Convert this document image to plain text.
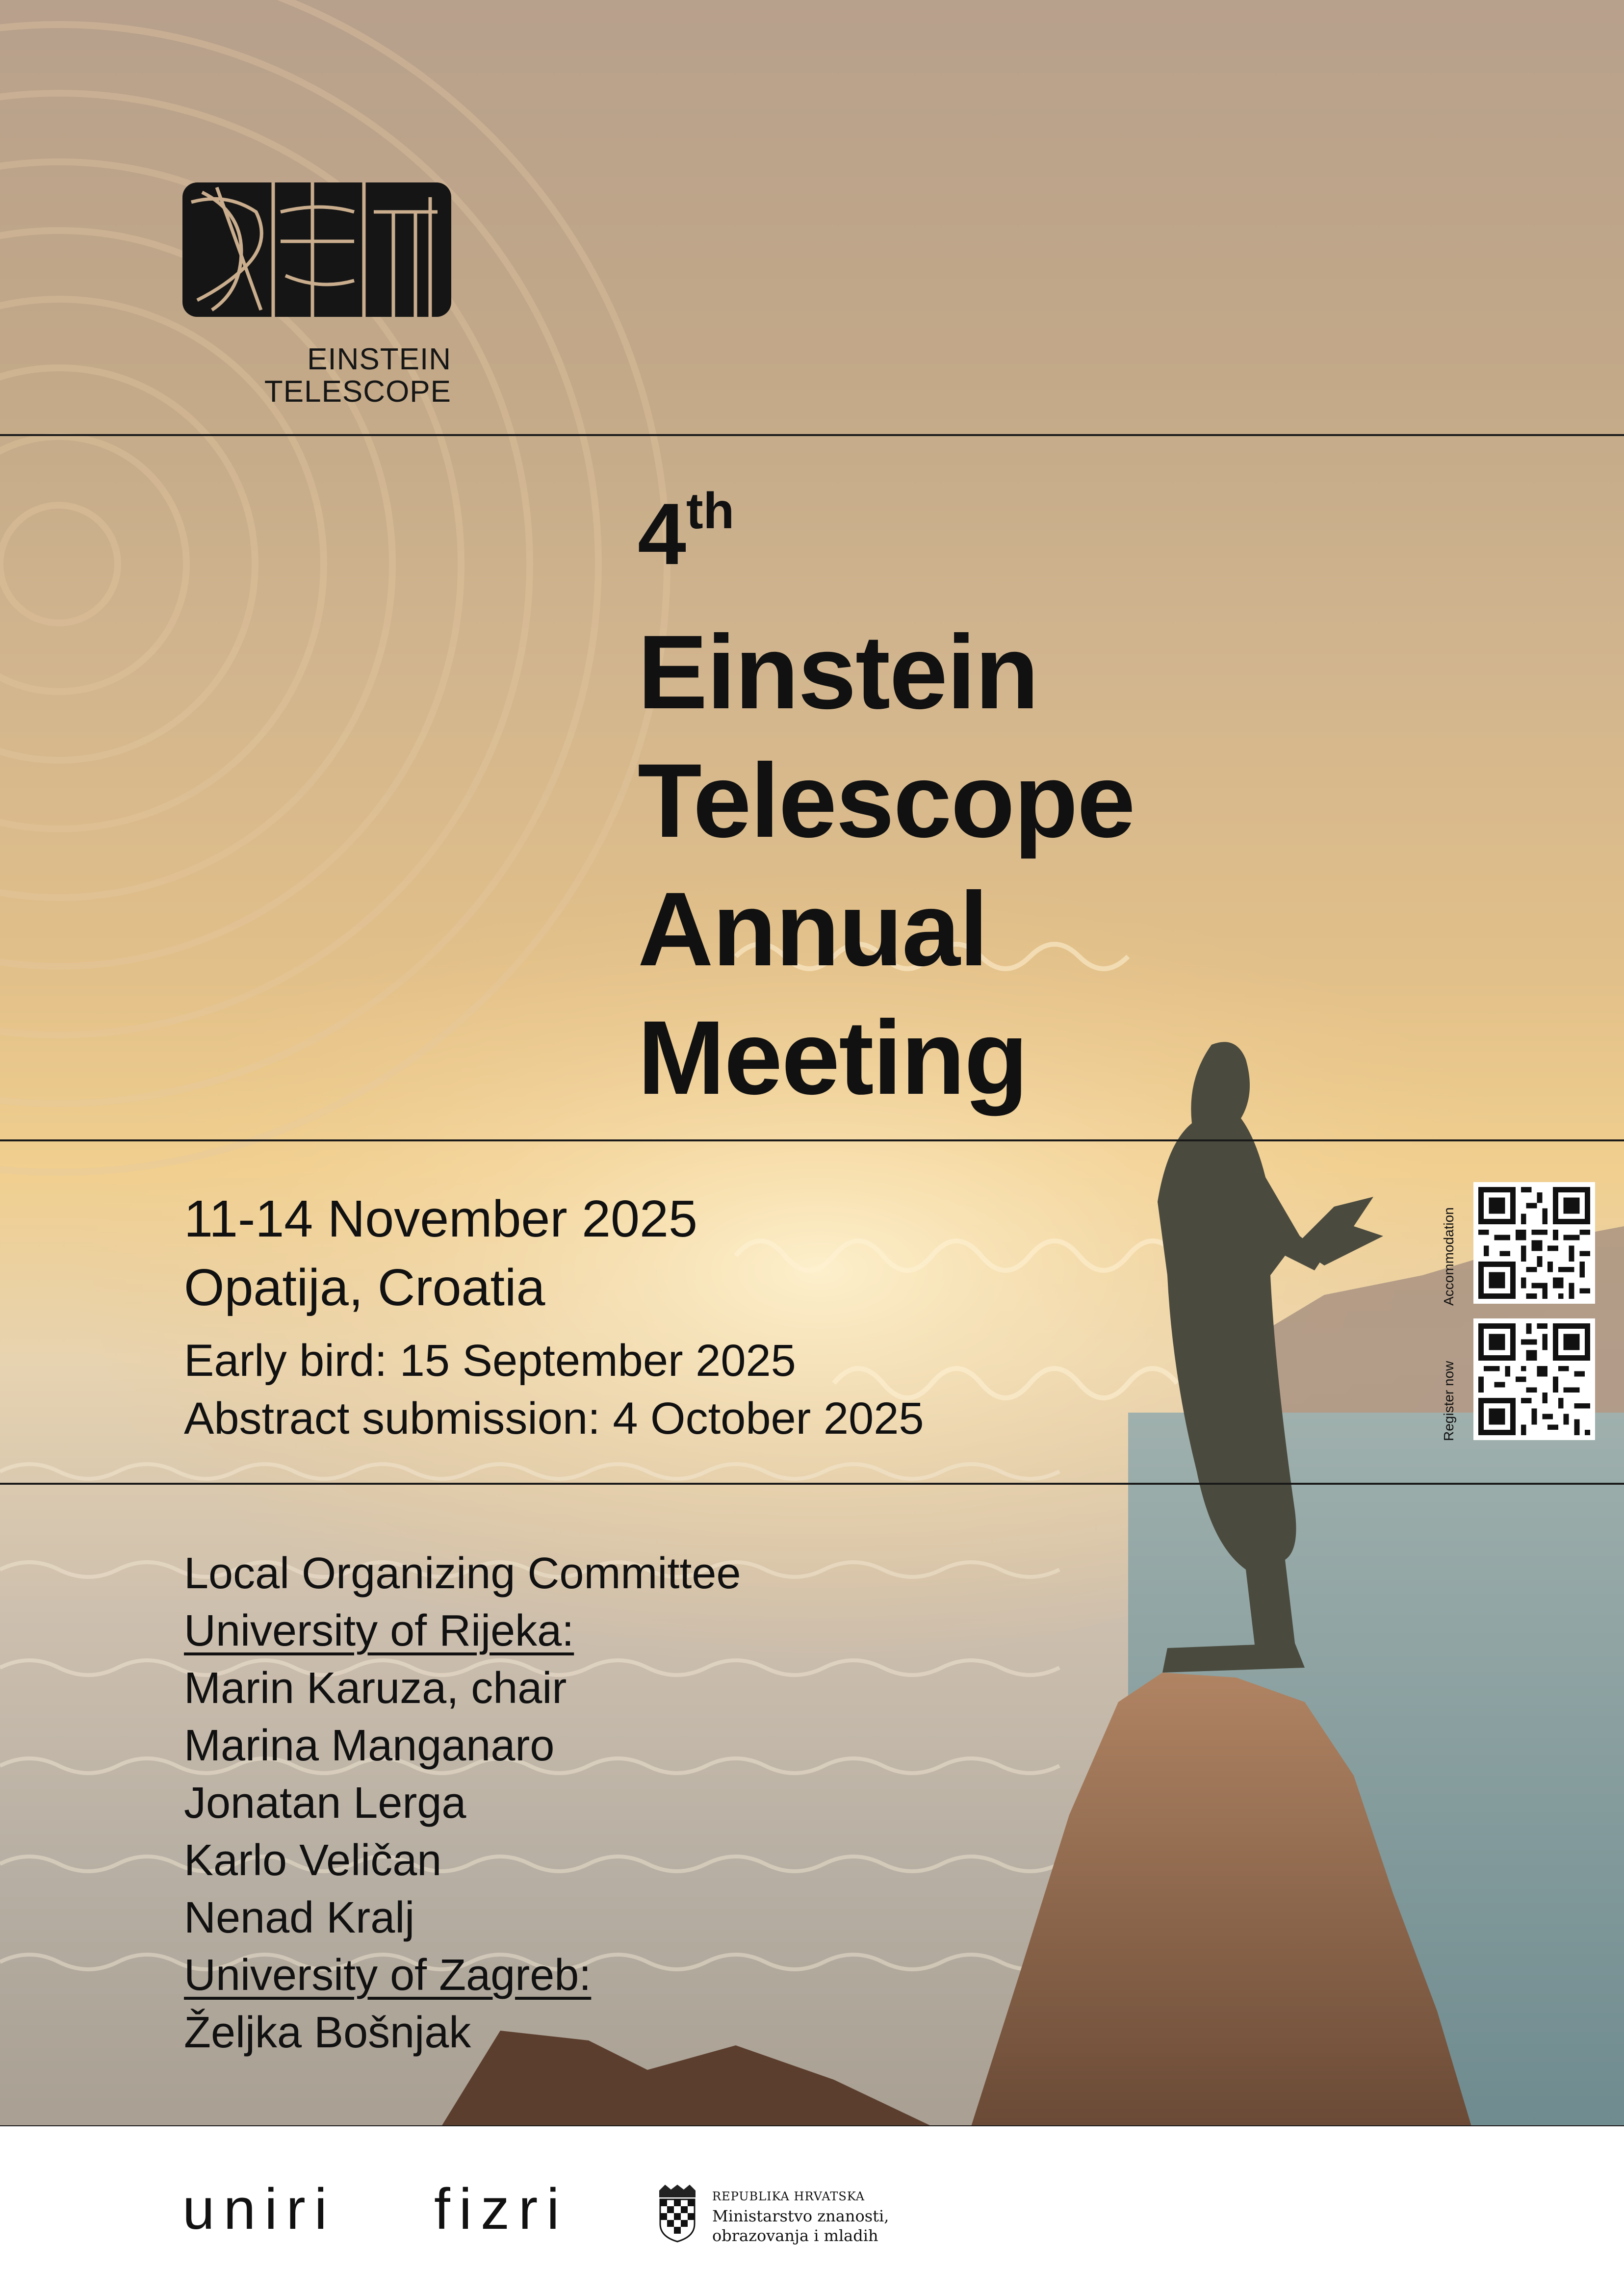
EINSTEIN
TELESCOPE
4th
Einstein
Telescope
Annual
Meeting
11-14 November 2025
Opatija, Croatia
Early bird: 15 September 2025
Abstract submission: 4 October 2025
Accommodation
Register now
Local Organizing Committee
University of Rijeka:
Marin Karuza, chair
Marina Manganaro
Jonatan Lerga
Karlo Veličan
Nenad Kralj
University of Zagreb:
Željka Bošnjak
uniri fizri	REPUBLIKA HRVATSKA
Ministarstvo znanosti,
obrazovanja i mladih
